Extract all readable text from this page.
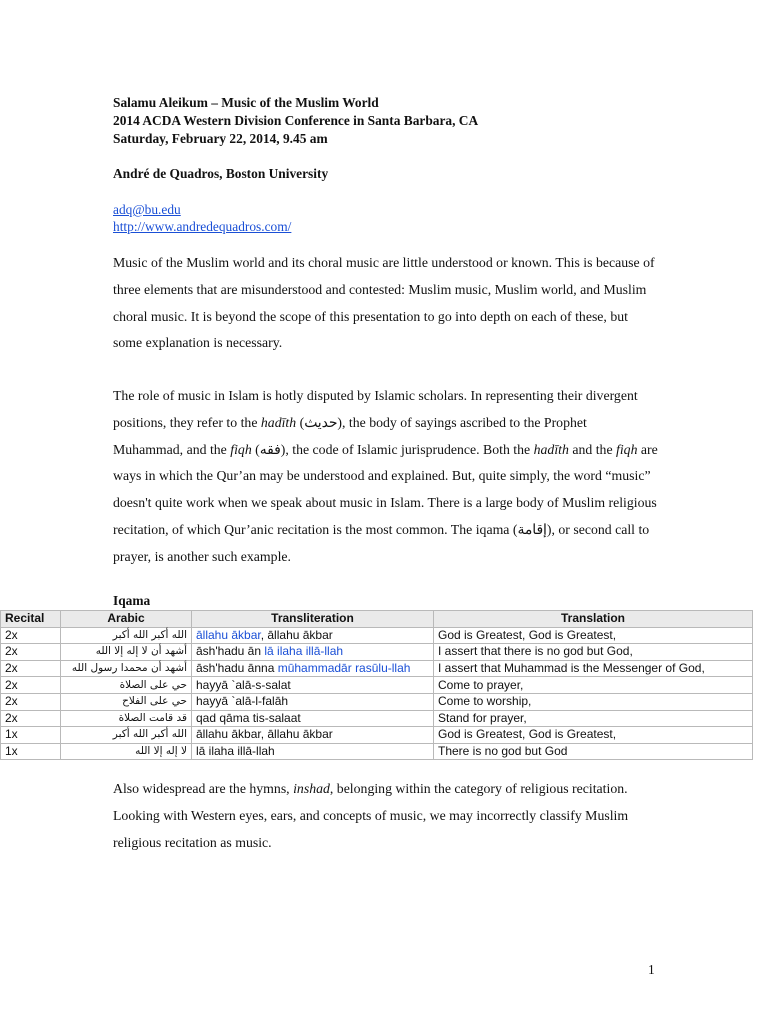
Salamu Aleikum – Music of the Muslim World
2014 ACDA Western Division Conference in Santa Barbara, CA
Saturday, February 22, 2014, 9.45 am
André de Quadros, Boston University
adq@bu.edu
http://www.andredequadros.com/

Music of the Muslim world and its choral music are little understood or known. This is because of three elements that are misunderstood and contested: Muslim music, Muslim world, and Muslim choral music. It is beyond the scope of this presentation to go into depth on each of these, but some explanation is necessary.

The role of music in Islam is hotly disputed by Islamic scholars. In representing their divergent positions, they refer to the hadīth (حديث), the body of sayings ascribed to the Prophet Muhammad, and the fiqh (فقه), the code of Islamic jurisprudence. Both the hadīth and the fiqh are ways in which the Qur’an may be understood and explained. But, quite simply, the word “music” doesn't quite work when we speak about music in Islam. There is a large body of Muslim religious recitation, of which Qur’anic recitation is the most common. The iqama (إقامة), or second call to prayer, is another such example.

Iqama
Recital	Arabic	Transliteration	Translation
2x	الله أكبر الله أكبر	āllahu ākbar, āllahu ākbar	God is Greatest, God is Greatest,
2x	أشهد أن لا إله إلا الله	āsh'hadu ān lā ilaha illā-llah	I assert that there is no god but God,
2x	أشهد أن محمدا رسول الله	āsh'hadu ānna mūhammadār rasūlu-llah	I assert that Muhammad is the Messenger of God,
2x	حي على الصلاة	hayyā `alā-s-salat	Come to prayer,
2x	حي على الفلاح	hayyā `alā-l-falāh	Come to worship,
2x	قد قامت الصلاة	qad qāma tis-salaat	Stand for prayer,
1x	الله أكبر الله أكبر	āllahu ākbar, āllahu ākbar	God is Greatest, God is Greatest,
1x	لا إله إلا الله	lā ilaha illā-llah	There is no god but God

Also widespread are the hymns, inshad, belonging within the category of religious recitation. Looking with Western eyes, ears, and concepts of music, we may incorrectly classify Muslim religious recitation as music.

1
